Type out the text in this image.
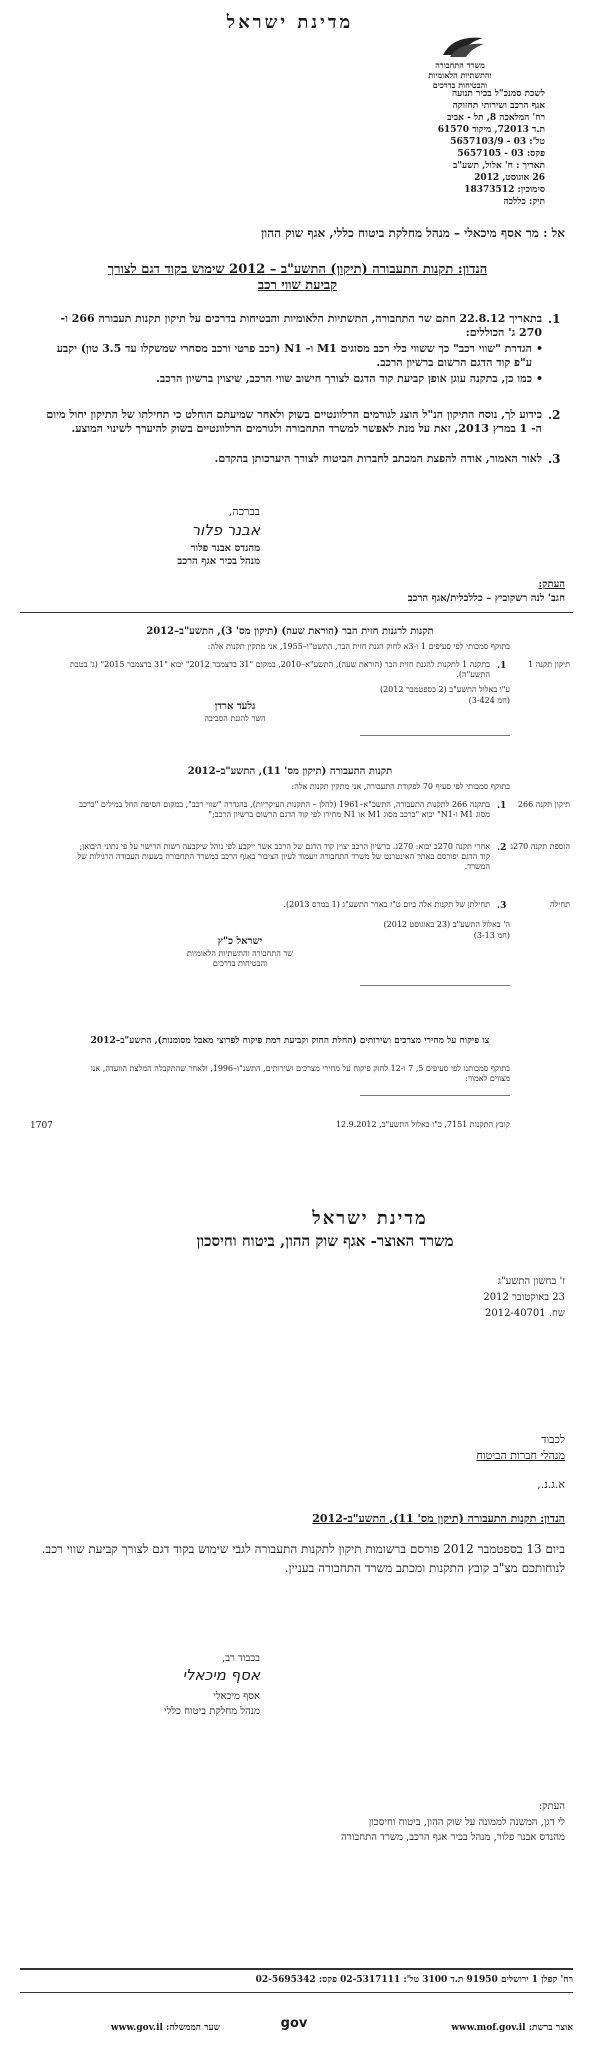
מדינת ישראל
משרד התחבורה
והתשתיות הלאומיות
והבטיחות בדרכים
לשכת סמנכ"ל בכיר תנועה
אגף הרכב ושירותי תחזוקה
רח' המלאכה 8, תל - אביב
ת.ד 72013, מיקוד 61570
טל': 03 - 5657103/9
פקס: 03 - 5657105
תאריך : ח' אלול, תשע"ב
26 אוגוסט, 2012
סימוכין: 18373512
תיק: כללכה
אל : מר אסף מיכאלי – מנהל מחלקת ביטוח כללי, אגף שוק ההון
הנדון: תקנות התעבורה (תיקון) התשע"ב – 2012 שימוש בקוד דגם לצורך
קביעת שווי רכב
.1
בתאריך 22.8.12 חתם שר התחבורה, התשתיות הלאומיות והבטיחות בדרכים על תיקון תקנות תעבורה 266 ו- 270 ג' הכוללים:
•
הגדרת "שווי רכב" כך ששווי כלי רכב מסוגים M1 ו- N1 (רכב פרטי ורכב מסחרי שמשקלו עד 3.5 טון) יקבע ע"פ קוד הדגם הרשום ברשיון הרכב.
•
כמו כן, בתקנה עוגן אופן קביעת קוד הדגם לצורך חישוב שווי הרכב, שיצוין ברשיון הרכב.
.2
כידוע לך, נוסח התיקון הנ"ל הוצג לגורמים הרלוונטיים בשוק ולאחר שמיעתם הוחלט כי תחילתו של התיקון יחול מיום ה- 1 במרץ 2013, זאת על מנת לאפשר למשרד התחבורה ולגורמים הרלוונטיים בשוק להיערך לשינוי המוצע.
.3
לאור האמור, אודה להפצת המכתב לחברות הביטוח לצורך היערכותן בהקדם.
בברכה,
אבנר פלור
מהנדס אבנר פלור
מנהל בכיר אגף הרכב
העתק:
חגב' לנה רשקוביץ – כללכלית/אגף הרכב
תקנות לרגנות חזית הבר (הוראת שעה) (תיקון מס' 3), התשע"ב–2012
בתוקף סמכותי לפי סעיפים 1 ו-3א לחוק הגנת חזית הבר, התשט"ו–1955, אני מתקין תקנות אלה:
תיקון תקנה 1
.1
בתקנה 1 לתקנות להגנת חזית הבר (הוראת שעה), התשע"א–2010, במקום "31 בדצמבר 2012" יבוא "31 בדצמבר 2015" (ג' בטבת התשע"ה).
ע"ו באלול התשע"ב (2 בספטמבר 2012)
(חמ 3-424)
גלעד ארדן
השר להגנת הסביבה
תקנות התעבורה (תיקון מס' 11), התשע"ב–2012
בתוקף סמכותי לפי סעיף 70 לפקודת התעבורה, אני מתקין תקנות אלה:
תיקון תקנה 266
.1
בתקנה 266 לתקנות התעבורה, התשכ"א–1961 (להלן – התקנות העיקריות), בהגדרה "שווי רכב", במקום הסיפה החל במילים "ברכב מסוג M1 ו-N1" יבוא "ברכב מסוג M1 או N1 מחירו לפי קוד הדגם הרשום ברשיון הרכב;"
הוספת תקנה 270ג
.2
אחרי תקנה 270ב יבוא: 270ג. ברשיון הרכב יצוין קוד הדגם של הרכב אשר ייקבע לפי נוהל שיקבעה רשות הרישוי על פי נתוני היבואן; קוד הדגם יפורסם באתר האינטרנט של משרד התחבורה ויעמוד לעיון הציבור באגף הרכב במשרד התחבורה בשעות העבודה הרגילות של המשרד.
תחילה
.3
תחילתן של תקנות אלה ביום ט"ז באדר התשע"ג (1 במרס 2013).
ה' באלול התשע"ב (23 באוגוסט 2012)
(חמ 3-13)
ישראל כ"ץ
שר התחבורה והתשתיות הלאומיות
והבטיחות בדרכים
צו פיקוח על מחירי מצרכים ושירותים (החלת החוק וקביעת רמת פיקוח לפרוצי מאבל מסומנות), התשע"ב–2012
בתוקף סמכותנו לפי סעיפים 5, 7 ו-12 לחוק פיקוח על מחירי מצרכים ושירותים, התשנ"ו–1996, ולאחר שהתקבלה המלצת הוועדה, אנו מצווים לאמור:
1707	קובץ התקנות 7151, כ"ו באלול התשע"ב, 12.9.2012
מדינת ישראל
משרד האוצר- אגף שוק ההון, ביטוח וחיסכון
ז' בחשון התשע"ג
23 באוקטובר 2012
שח. 2012-40701
לכבוד
מנהלי חברות הביטוח
א.ג.נ.,
הנדון: תקנות התעבורה (תיקון מס' 11), התשע"ב-2012
ביום 13 בספטמבר 2012 פורסם ברשומות תיקון לתקנות התעבורה לגבי שימוש בקוד דגם לצורך קביעת שווי רכב. לנוחותכם מצ"ב קובץ התקנות ומכתב משרד התחבורה בעניין.
בכבוד רב,
אסף מיכאלי
אסף מיכאלי
מנהל מחלקת ביטוח כללי
העתק:
לי דגן, המשנה לממונה על שוק ההון, ביטוח וחיסכון
מהנדס אבנר פלור, מנהל בכיר אגף הרכב, משרד התחבורה
רח' קפלן 1 ירושלים 91950 ת.ד 3100 טל': 02-5317111 פקס: 02-5695342
אוצר ברשת: www.mof.gov.il
gov
שער הממשלה: www.gov.il
